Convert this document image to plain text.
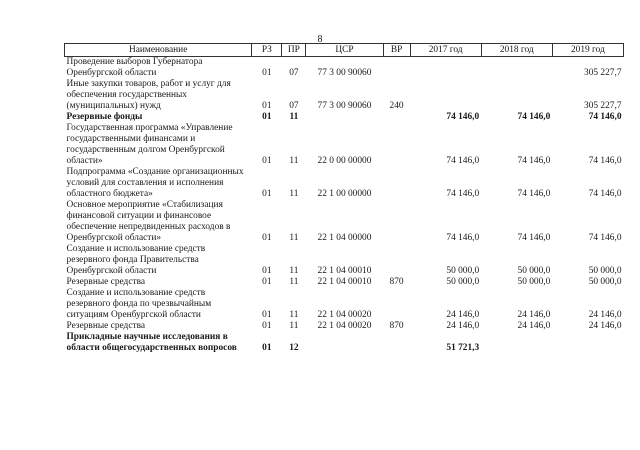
8
Наименование	РЗ	ПР	ЦСР	ВР	2017 год	2018 год	2019 год
Проведение выборов Губернатора Оренбургской области	01	07	77 3 00 90060				305 227,7
Иные закупки товаров, работ и услуг для обеспечения государственных (муниципальных) нужд	01	07	77 3 00 90060	240			305 227,7
Резервные фонды	01	11			74 146,0	74 146,0	74 146,0
Государственная программа «Управление государственными финансами и государственным долгом Оренбургской области»	01	11	22 0 00 00000		74 146,0	74 146,0	74 146,0
Подпрограмма «Создание организационных условий для составления и исполнения областного бюджета»	01	11	22 1 00 00000		74 146,0	74 146,0	74 146,0
Основное мероприятие «Стабилизация финансовой ситуации и финансовое обеспечение непредвиденных расходов в Оренбургской области»	01	11	22 1 04 00000		74 146,0	74 146,0	74 146,0
Создание и использование средств резервного фонда Правительства Оренбургской области	01	11	22 1 04 00010		50 000,0	50 000,0	50 000,0
Резервные средства	01	11	22 1 04 00010	870	50 000,0	50 000,0	50 000,0
Создание и использование средств резервного фонда по чрезвычайным ситуациям Оренбургской области	01	11	22 1 04 00020		24 146,0	24 146,0	24 146,0
Резервные средства	01	11	22 1 04 00020	870	24 146,0	24 146,0	24 146,0
Прикладные научные исследования в области общегосударственных вопросов	01	12			51 721,3		
